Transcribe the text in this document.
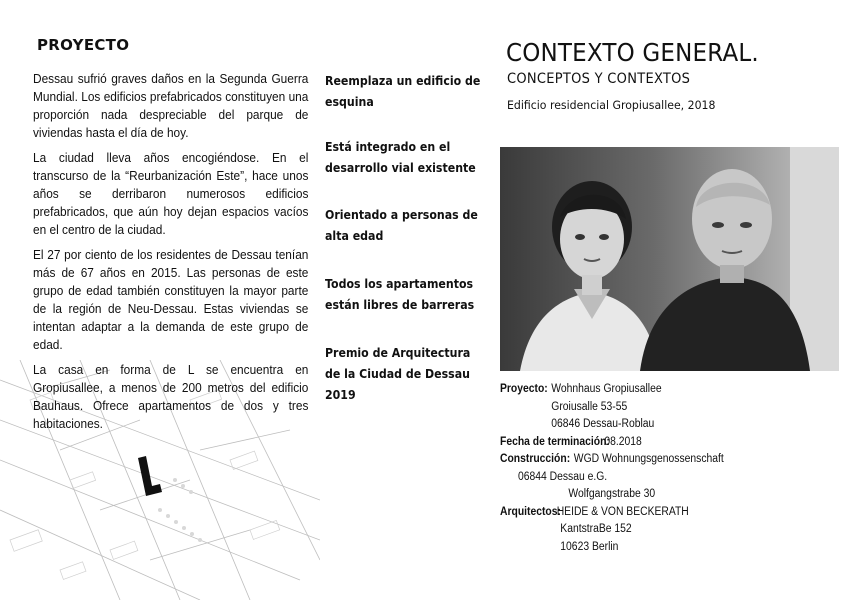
PROYECTO

Dessau sufrió graves daños en la Segunda Guerra Mundial. Los edificios prefabricados constituyen una proporción nada despreciable del parque de viviendas hasta el día de hoy.

La ciudad lleva años encogiéndose. En el transcurso de la “Reurbanización Este”, hace unos años se derribaron numerosos edificios prefabricados, que aún hoy dejan espacios vacíos en el centro de la ciudad.

El 27 por ciento de los residentes de Dessau tenían más de 67 años en 2015. Las personas de este grupo de edad también constituyen la mayor parte de la región de Neu-Dessau. Estas viviendas se intentan adaptar a la demanda de este grupo de edad.

La casa en forma de L se encuentra en Gropiusallee, a menos de 200 metros del edificio Bauhaus. Ofrece apartamentos de dos y tres habitaciones.

Reemplaza un edificio de esquina
Está integrado en el desarrollo vial existente
Orientado a personas de alta edad
Todos los apartamentos están libres de barreras
Premio de Arquitectura de la Ciudad de Dessau 2019
CONTEXTO GENERAL.
CONCEPTOS Y CONTEXTOS
Edificio residencial Gropiusallee, 2018
Proyecto: Wohnhaus Gropiusallee
Groiusalle 53-55
06846 Dessau-Roblau
Fecha de terminación:
08.2018
Construcción: WGD Wohnungsgenossenschaft
06844 Dessau e.G.
Wolfgangstrabe 30
Arquitectos:
HEIDE & VON BECKERATH
KantstraBe 152
10623 Berlin
